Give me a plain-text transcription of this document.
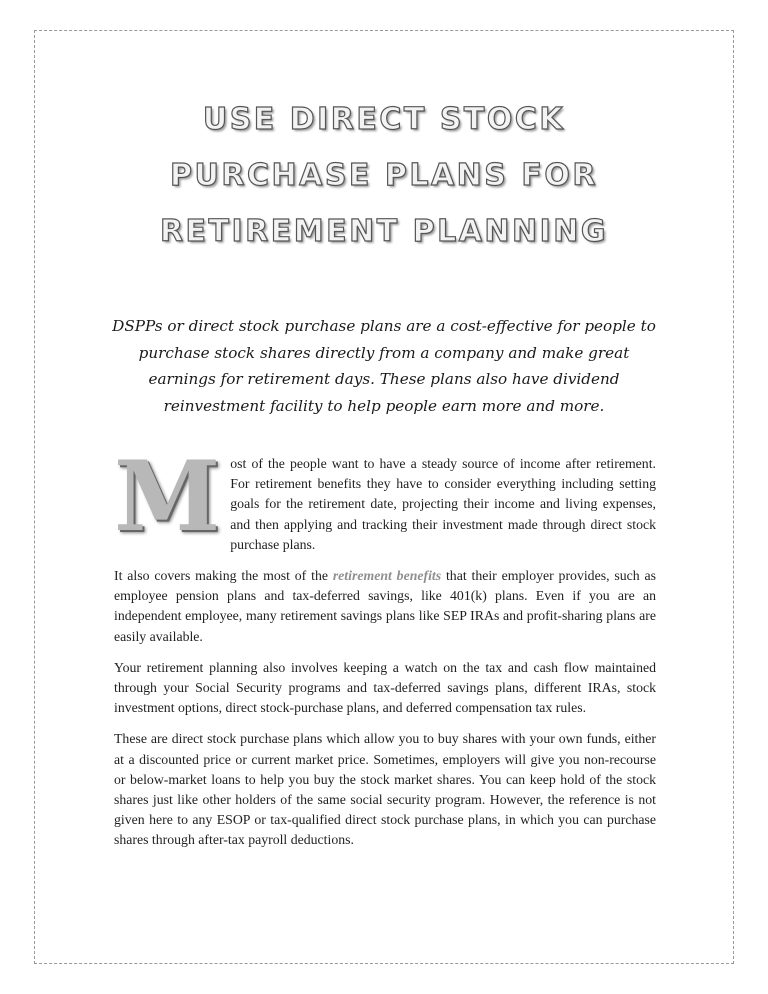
USE DIRECT STOCK PURCHASE PLANS FOR RETIREMENT PLANNING

DSPPs or direct stock purchase plans are a cost-effective for people to purchase stock shares directly from a company and make great earnings for retirement days. These plans also have dividend reinvestment facility to help people earn more and more.

Most of the people want to have a steady source of income after retirement. For retirement benefits they have to consider everything including setting goals for the retirement date, projecting their income and living expenses, and then applying and tracking their investment made through direct stock purchase plans.

It also covers making the most of the retirement benefits that their employer provides, such as employee pension plans and tax-deferred savings, like 401(k) plans. Even if you are an independent employee, many retirement savings plans like SEP IRAs and profit-sharing plans are easily available.

Your retirement planning also involves keeping a watch on the tax and cash flow maintained through your Social Security programs and tax-deferred savings plans, different IRAs, stock investment options, direct stock-purchase plans, and deferred compensation tax rules.

These are direct stock purchase plans which allow you to buy shares with your own funds, either at a discounted price or current market price. Sometimes, employers will give you non-recourse or below-market loans to help you buy the stock market shares. You can keep hold of the stock shares just like other holders of the same social security program. However, the reference is not given here to any ESOP or tax-qualified direct stock purchase plans, in which you can purchase shares through after-tax payroll deductions.
